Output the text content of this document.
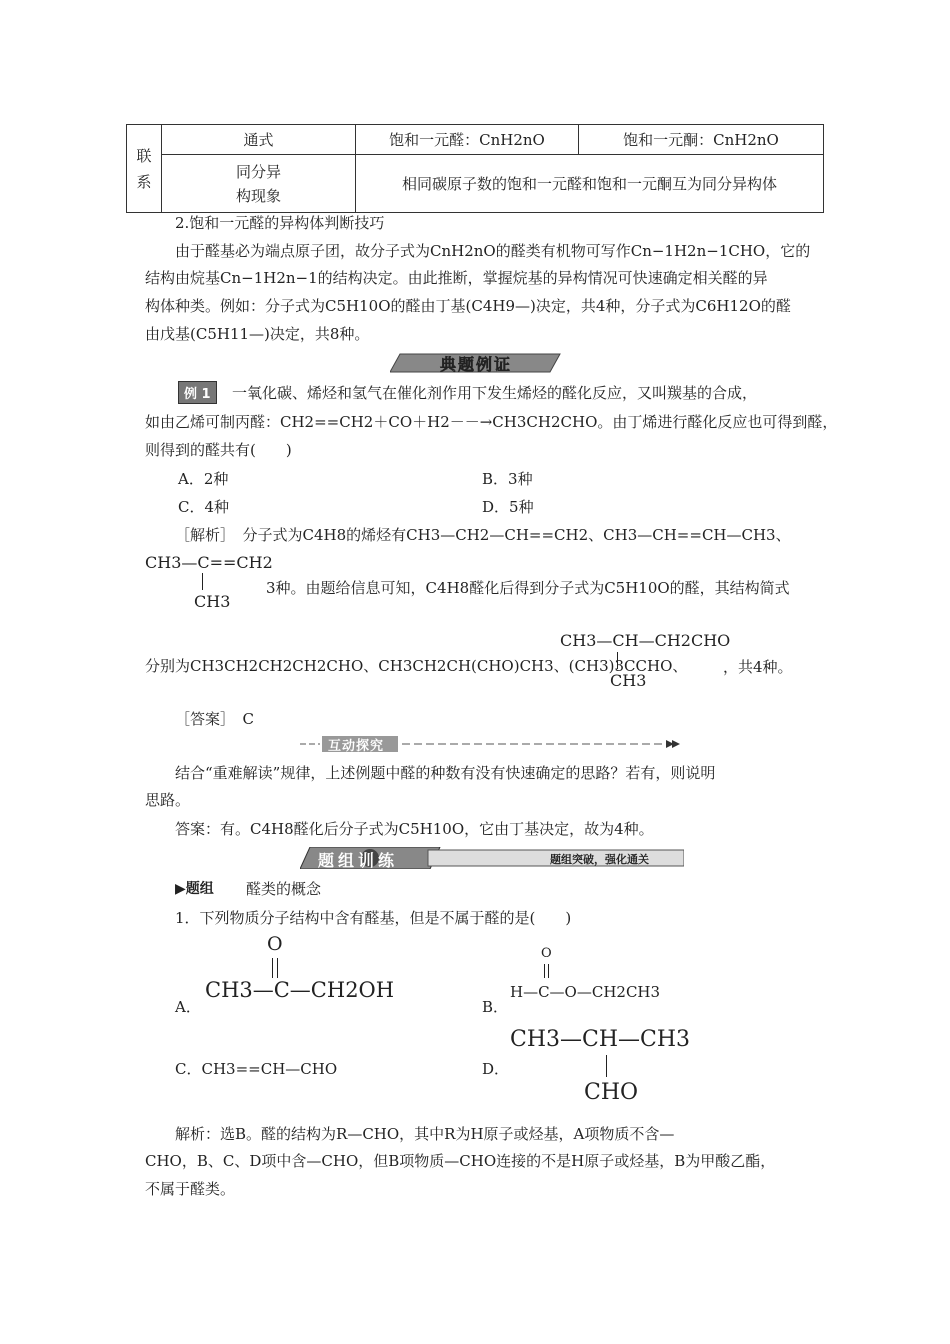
联
系	通式	饱和一元醛：CnH2nO	饱和一元酮：CnH2nO

	同分异
构现象	相同碳原子数的饱和一元醛和饱和一元酮互为同分异构体	
2.饱和一元醛的异构体判断技巧
由于醛基必为端点原子团，故分子式为CnH2nO的醛类有机物可写作Cn−1H2n−1CHO，它的
结构由烷基Cn−1H2n−1的结构决定。由此推断，掌握烷基的异构情况可快速确定相关醛的异
构体种类。例如：分子式为C5H10O的醛由丁基(C4H9—)决定，共4种，分子式为C6H12O的醛
由戊基(C5H11—)决定，共8种。
典题例证
例 1	一氧化碳、烯烃和氢气在催化剂作用下发生烯烃的醛化反应，又叫羰基的合成，
如由乙烯可制丙醛：CH2==CH2＋CO＋H2－－→CH3CH2CHO。由丁烯进行醛化反应也可得到醛，
则得到的醛共有(　　)
A．2种	B．3种
C．4种	D．5种
［解析］　分子式为C4H8的烯烃有CH3—CH2—CH==CH2、CH3—CH==CH—CH3、
CH3—C==CH2
CH3
3种。由题给信息可知，C4H8醛化后得到分子式为C5H10O的醛，其结构简式
CH3—CH—CH2CHO
CH3
分别为CH3CH2CH2CH2CHO、CH3CH2CH(CHO)CH3、(CH3)3CCHO、 ，共4种。
［答案］　C
互动探究
结合“重难解读”规律，上述例题中醛的种数有没有快速确定的思路？若有，则说明
思路。
答案：有。C4H8醛化后分子式为C5H10O，它由丁基决定，故为4种。
题组训练	题组突破，强化通关
▶题组 醛类的概念
1．下列物质分子结构中含有醛基，但是不属于醛的是(　　)
A．
O
CH3—C—CH2OH
B．
O
H—C—O—CH2CH3
C．CH3==CH—CHO	D．
CH3—CH—CH3
CHO
解析：选B。醛的结构为R—CHO，其中R为H原子或烃基，A项物质不含—
CHO，B、C、D项中含—CHO，但B项物质—CHO连接的不是H原子或烃基，B为甲酸乙酯，
不属于醛类。
